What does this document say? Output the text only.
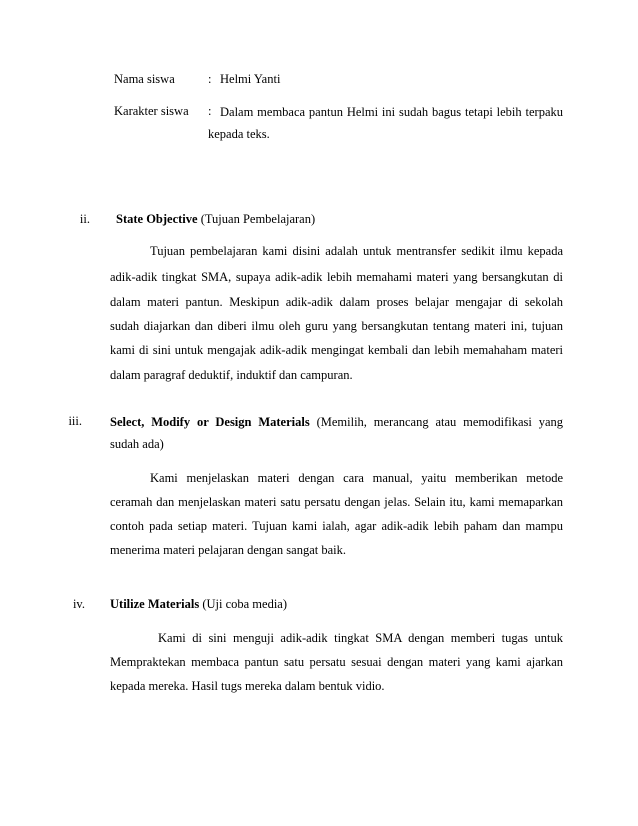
Nama siswa	: Helmi Yanti
Karakter siswa : Dalam membaca pantun Helmi ini sudah bagus tetapi lebih terpaku
kepada teks.
ii. State Objective (Tujuan Pembelajaran)
Tujuan pembelajaran kami disini adalah untuk mentransfer sedikit ilmu kepada
adik-adik tingkat SMA, supaya adik-adik lebih memahami materi yang bersangkutan di
dalam materi pantun. Meskipun adik-adik dalam proses belajar mengajar di sekolah
sudah diajarkan dan diberi ilmu oleh guru yang bersangkutan tentang materi ini, tujuan
kami di sini untuk mengajak adik-adik mengingat kembali dan lebih memahaham materi
dalam paragraf deduktif, induktif dan campuran.
iii. Select, Modify or Design Materials (Memilih, merancang atau memodifikasi yang
sudah ada)
Kami menjelaskan materi dengan cara manual, yaitu memberikan metode
ceramah dan menjelaskan materi satu persatu dengan jelas. Selain itu, kami memaparkan
contoh pada setiap materi. Tujuan kami ialah, agar adik-adik lebih paham dan mampu
menerima materi pelajaran dengan sangat baik.
iv. Utilize Materials (Uji coba media)
Kami di sini menguji adik-adik tingkat SMA dengan memberi tugas untuk
Mempraktekan membaca pantun satu persatu sesuai dengan materi yang kami ajarkan
kepada mereka. Hasil tugs mereka dalam bentuk vidio.
